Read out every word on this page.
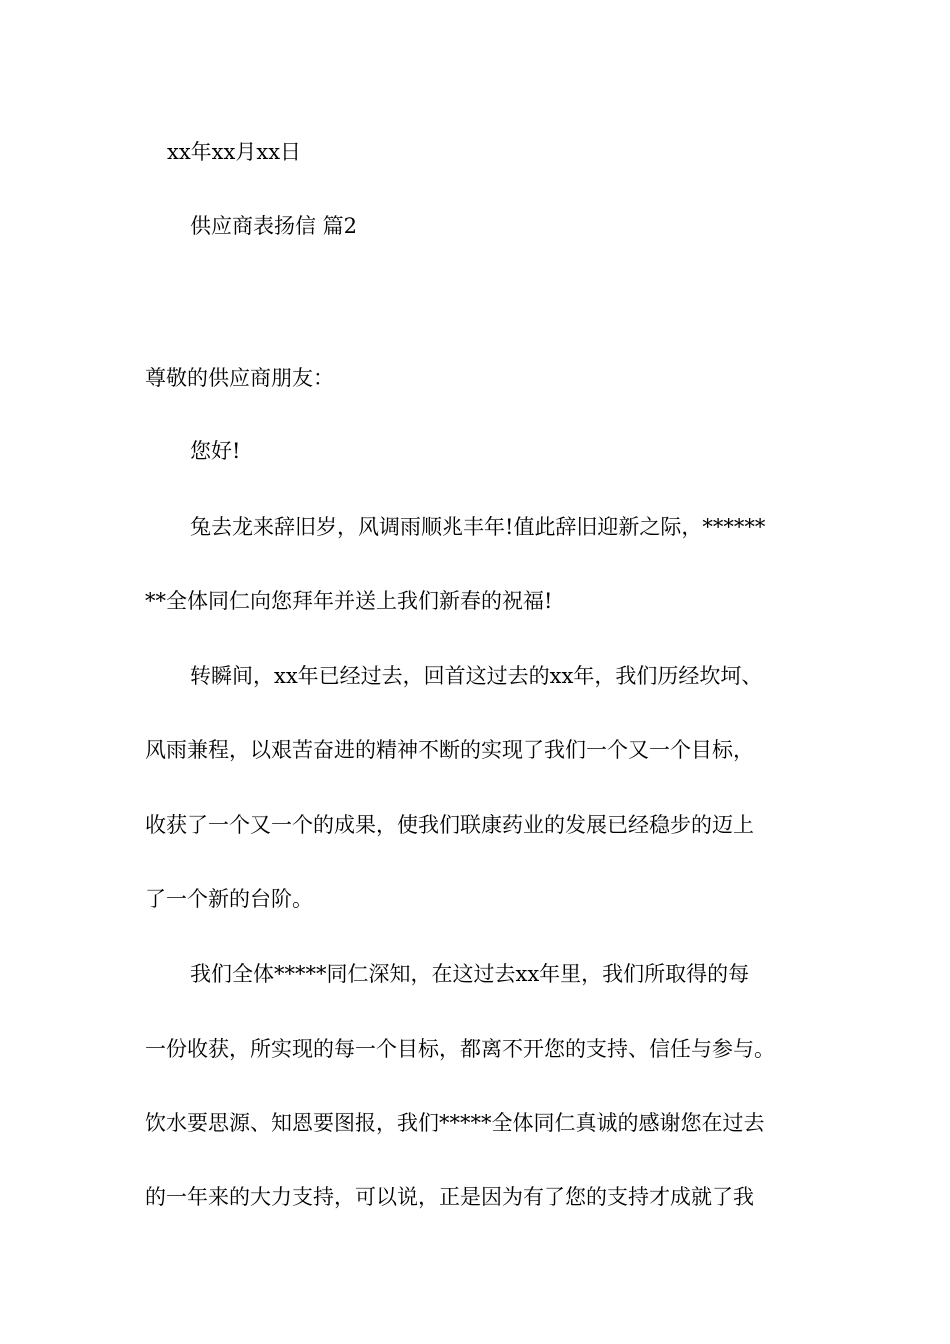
xx年xx月xx日
供应商表扬信 篇2
尊敬的供应商朋友：
您好!
兔去龙来辞旧岁，风调雨顺兆丰年!值此辞旧迎新之际，******
**全体同仁向您拜年并送上我们新春的祝福!
转瞬间，xx年已经过去，回首这过去的xx年，我们历经坎坷、
风雨兼程，以艰苦奋进的精神不断的实现了我们一个又一个目标，
收获了一个又一个的成果，使我们联康药业的发展已经稳步的迈上
了一个新的台阶。
我们全体*****同仁深知，在这过去xx年里，我们所取得的每
一份收获，所实现的每一个目标，都离不开您的支持、信任与参与。
饮水要思源、知恩要图报，我们*****全体同仁真诚的感谢您在过去
的一年来的大力支持，可以说，正是因为有了您的支持才成就了我
